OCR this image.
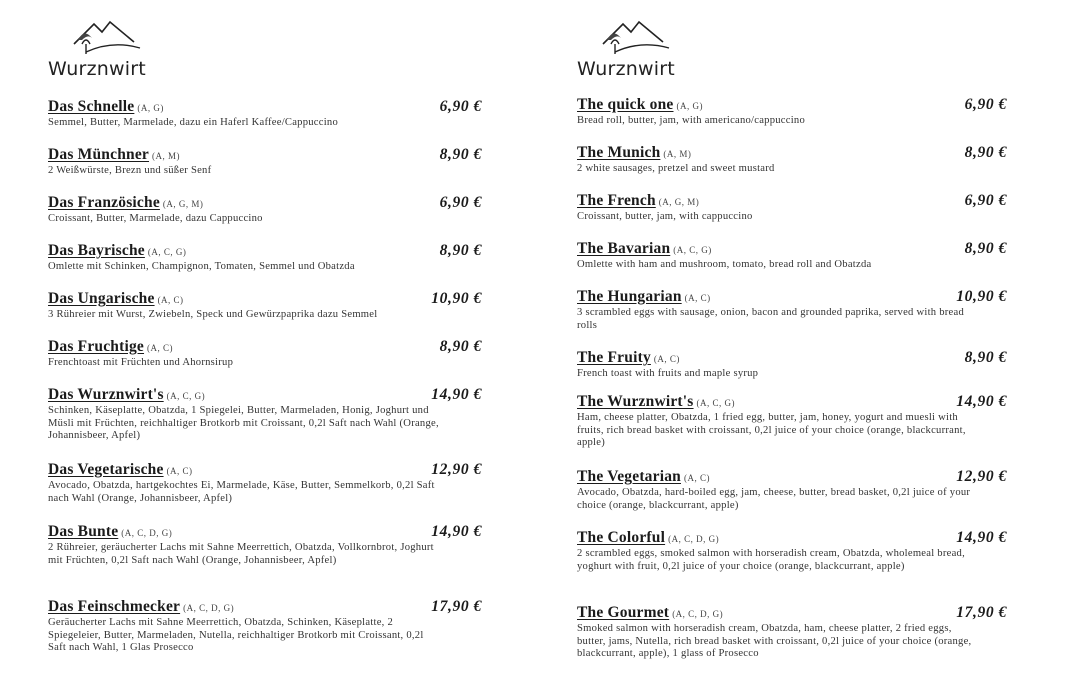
Wurznwirt
Das Schnelle (A, G)	6,90 €
Semmel, Butter, Marmelade, dazu ein Haferl Kaffee/Cappuccino
Das Münchner (A, M)	8,90 €
2 Weißwürste, Brezn und süßer Senf
Das Französiche (A, G, M)	6,90 €
Croissant, Butter, Marmelade, dazu Cappuccino
Das Bayrische (A, C, G)	8,90 €
Omlette mit Schinken, Champignon, Tomaten, Semmel und Obatzda
Das Ungarische (A, C)	10,90 €
3 Rühreier mit Wurst, Zwiebeln, Speck und Gewürzpaprika dazu Semmel
Das Fruchtige (A, C)	8,90 €
Frenchtoast mit Früchten und Ahornsirup
Das Wurznwirt's (A, C, G)	14,90 €
Schinken, Käseplatte, Obatzda, 1 Spiegelei, Butter, Marmeladen, Honig, Joghurt und Müsli mit Früchten, reichhaltiger Brotkorb mit Croissant, 0,2l Saft nach Wahl (Orange, Johannisbeer, Apfel)
Das Vegetarische (A, C)	12,90 €
Avocado, Obatzda, hartgekochtes Ei, Marmelade, Käse, Butter, Semmelkorb, 0,2l Saft nach Wahl (Orange, Johannisbeer, Apfel)
Das Bunte (A, C, D, G)	14,90 €
2 Rühreier, geräucherter Lachs mit Sahne Meerrettich, Obatzda, Vollkornbrot, Joghurt mit Früchten, 0,2l Saft nach Wahl (Orange, Johannisbeer, Apfel)
Das Feinschmecker (A, C, D, G)	17,90 €
Geräucherter Lachs mit Sahne Meerrettich, Obatzda, Schinken, Käseplatte, 2 Spiegeleier, Butter, Marmeladen, Nutella, reichhaltiger Brotkorb mit Croissant, 0,2l Saft nach Wahl, 1 Glas Prosecco
Wurznwirt
The quick one (A, G)	6,90 €
Bread roll, butter, jam, with americano/cappuccino
The Munich (A, M)	8,90 €
2 white sausages, pretzel and sweet mustard
The French (A, G, M)	6,90 €
Croissant, butter, jam, with cappuccino
The Bavarian (A, C, G)	8,90 €
Omlette with ham and mushroom, tomato, bread roll and Obatzda
The Hungarian (A, C)	10,90 €
3 scrambled eggs with sausage, onion, bacon and grounded paprika, served with bread rolls
The Fruity (A, C)	8,90 €
French toast with fruits and maple syrup
The Wurznwirt's (A, C, G)	14,90 €
Ham, cheese platter, Obatzda, 1 fried egg, butter, jam, honey, yogurt and muesli with fruits, rich bread basket with croissant, 0,2l juice of your choice (orange, blackcurrant, apple)
The Vegetarian (A, C)	12,90 €
Avocado, Obatzda, hard-boiled egg, jam, cheese, butter, bread basket, 0,2l juice of your choice (orange, blackcurrant, apple)
The Colorful (A, C, D, G)	14,90 €
2 scrambled eggs, smoked salmon with horseradish cream, Obatzda, wholemeal bread, yoghurt with fruit, 0,2l juice of your choice (orange, blackcurrant, apple)
The Gourmet (A, C, D, G)	17,90 €
Smoked salmon with horseradish cream, Obatzda, ham, cheese platter, 2 fried eggs, butter, jams, Nutella, rich bread basket with croissant, 0,2l juice of your choice (orange, blackcurrant, apple), 1 glass of Prosecco
